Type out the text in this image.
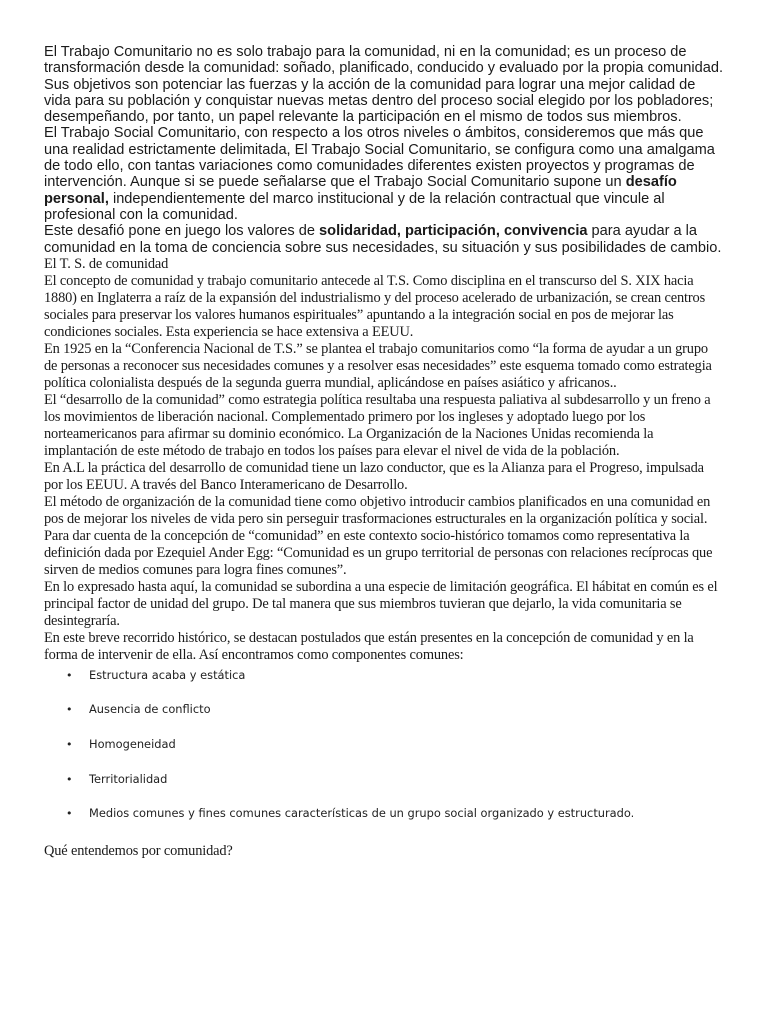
El Trabajo Comunitario no es solo trabajo para la comunidad, ni en la comunidad; es un proceso de transformación desde la comunidad: soñado, planificado, conducido y evaluado por la propia comunidad. Sus objetivos son potenciar las fuerzas y la acción de la comunidad para lograr una mejor calidad de vida para su población y conquistar nuevas metas dentro del proceso social elegido por los pobladores; desempeñando, por tanto, un papel relevante la participación en el mismo de todos sus miembros.

El Trabajo Social Comunitario, con respecto a los otros niveles o ámbitos, consideremos que más que una realidad estrictamente delimitada, El Trabajo Social Comunitario, se configura como una amalgama de todo ello, con tantas variaciones como comunidades diferentes existen proyectos y programas de intervención. Aunque si se puede señalarse que el Trabajo Social Comunitario supone un desafío personal, independientemente del marco institucional y de la relación contractual que vincule al profesional con la comunidad.

Este desafió pone en juego los valores de solidaridad, participación, convivencia para ayudar a la comunidad en la toma de conciencia sobre sus necesidades, su situación y sus posibilidades de cambio.

El T. S. de comunidad

El concepto de comunidad y trabajo comunitario antecede al T.S. Como disciplina en el transcurso del S. XIX hacia 1880) en Inglaterra a raíz de la expansión del industrialismo y del proceso acelerado de urbanización, se crean centros sociales para preservar los valores humanos espirituales” apuntando a la integración social en pos de mejorar las condiciones sociales. Esta experiencia se hace extensiva a EEUU.

En 1925 en la “Conferencia Nacional de T.S.” se plantea el trabajo comunitarios como “la forma de ayudar a un grupo de personas a reconocer sus necesidades comunes y a resolver esas necesidades” este esquema tomado como estrategia política colonialista después de la segunda guerra mundial, aplicándose en países asiático y africanos..

El “desarrollo de la comunidad” como estrategia política resultaba una respuesta paliativa al subdesarrollo y un freno a los movimientos de liberación nacional. Complementado primero por los ingleses y adoptado luego por los norteamericanos para afirmar su dominio económico. La Organización de la Naciones Unidas recomienda la implantación de este método de trabajo en todos los países para elevar el nivel de vida de la población.

En A.L la práctica del desarrollo de comunidad tiene un lazo conductor, que es la Alianza para el Progreso, impulsada por los EEUU. A través del Banco Interamericano de Desarrollo.

El método de organización de la comunidad tiene como objetivo introducir cambios planificados en una comunidad en pos de mejorar los niveles de vida pero sin perseguir trasformaciones estructurales en la organización política y social.

Para dar cuenta de la concepción de “comunidad” en este contexto socio-histórico tomamos como representativa la definición dada por Ezequiel Ander Egg: “Comunidad es un grupo territorial de personas con relaciones recíprocas que sirven de medios comunes para logra fines comunes”.

En lo expresado hasta aquí, la comunidad se subordina a una especie de limitación geográfica. El hábitat en común es el principal factor de unidad del grupo. De tal manera que sus miembros tuvieran que dejarlo, la vida comunitaria se desintegraría.

En este breve recorrido histórico, se destacan postulados que están presentes en la concepción de comunidad y en la forma de intervenir de ella. Así encontramos como componentes comunes:

• Estructura acaba y estática
• Ausencia de conflicto
• Homogeneidad
• Territorialidad
• Medios comunes y fines comunes características de un grupo social organizado y estructurado.

Qué entendemos por comunidad?
